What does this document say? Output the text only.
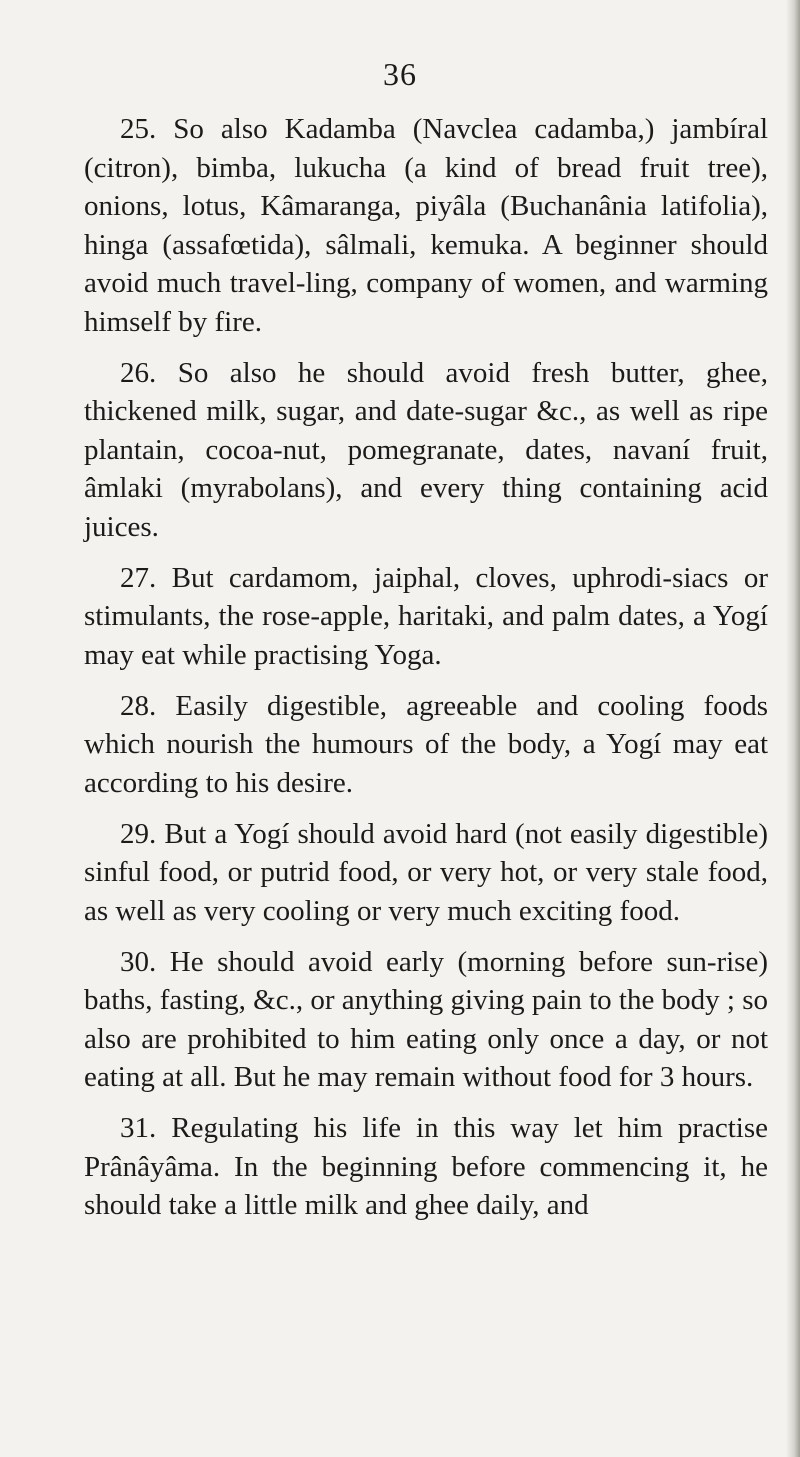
36

25. So also Kadamba (Navclea cadamba,) jambíral (citron), bimba, lukucha (a kind of bread fruit tree), onions, lotus, Kâmaranga, piyâla (Buchanânia latifolia), hinga (assafœtida), sâlmali, kemuka. A beginner should avoid much travel-ling, company of women, and warming himself by fire.

26. So also he should avoid fresh butter, ghee, thickened milk, sugar, and date-sugar &c., as well as ripe plantain, cocoa-nut, pomegranate, dates, navaní fruit, âmlaki (myrabolans), and every thing containing acid juices.

27. But cardamom, jaiphal, cloves, uphrodi-siacs or stimulants, the rose-apple, haritaki, and palm dates, a Yogí may eat while practising Yoga.

28. Easily digestible, agreeable and cooling foods which nourish the humours of the body, a Yogí may eat according to his desire.

29. But a Yogí should avoid hard (not easily digestible) sinful food, or putrid food, or very hot, or very stale food, as well as very cooling or very much exciting food.

30. He should avoid early (morning before sun-rise) baths, fasting, &c., or anything giving pain to the body ; so also are prohibited to him eating only once a day, or not eating at all. But he may remain without food for 3 hours.

31. Regulating his life in this way let him practise Prânâyâma. In the beginning before commencing it, he should take a little milk and ghee daily, and
